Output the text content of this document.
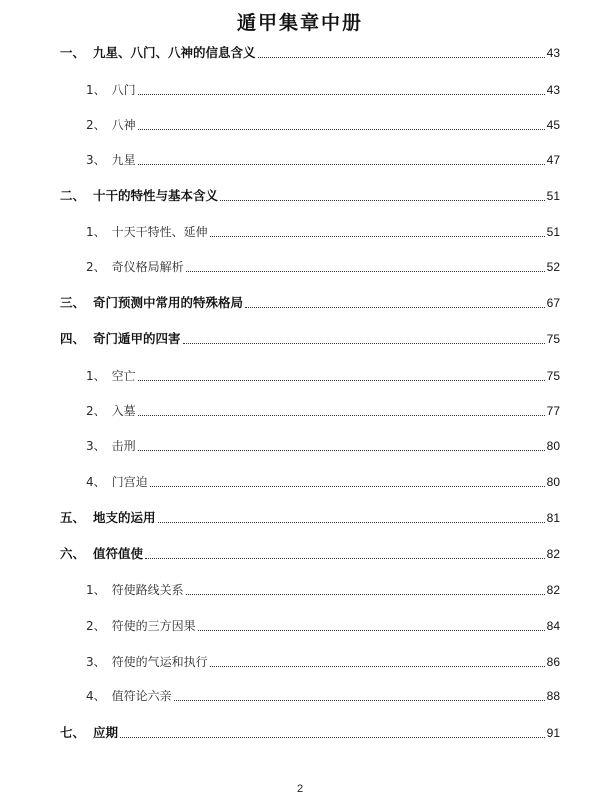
遁甲集章中册
一、 九星、八门、八神的信息含义	43
1、 八门	43
2、 八神	45
3、 九星	47
二、 十干的特性与基本含义	51
1、 十天干特性、延伸	51
2、 奇仪格局解析	52
三、 奇门预测中常用的特殊格局	67
四、 奇门遁甲的四害	75
1、 空亡	75
2、 入墓	77
3、 击刑	80
4、 门宫迫	80
五、 地支的运用	81
六、 值符值使	82
1、 符使路线关系	82
2、 符使的三方因果	84
3、 符使的气运和执行	86
4、 值符论六亲	88
七、 应期	91
2
